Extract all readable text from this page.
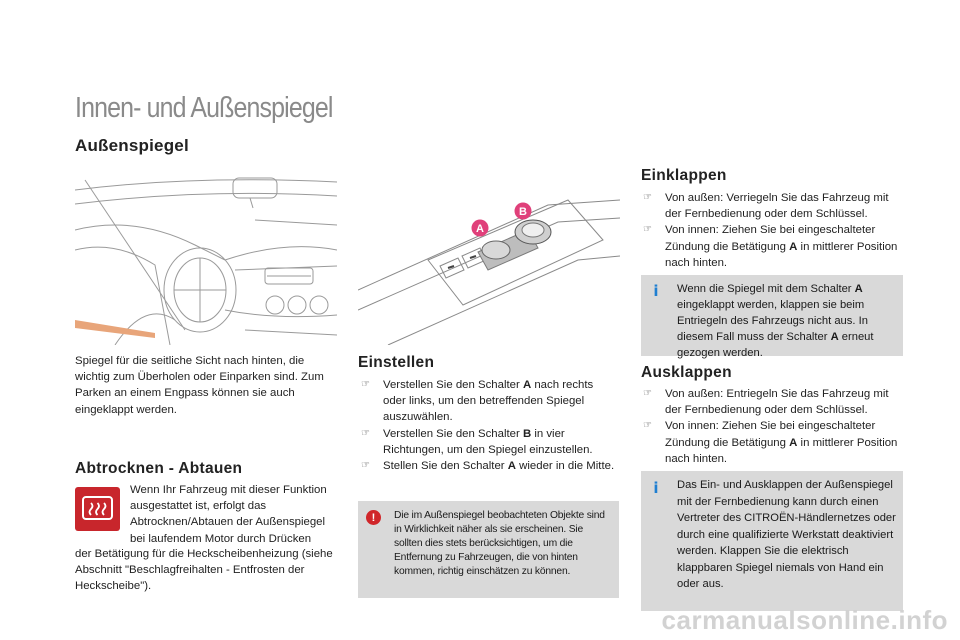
Innen- und Außenspiegel
Außenspiegel
Spiegel für die seitliche Sicht nach hinten, die wichtig zum Überholen oder Einparken sind. Zum Parken an einem Engpass können sie auch eingeklappt werden.
Abtrocknen - Abtauen
Wenn Ihr Fahrzeug mit dieser Funktion ausgestattet ist, erfolgt das Abtrocknen/Abtauen der Außenspiegel bei laufendem Motor durch Drücken
der Betätigung für die Heckscheibenheizung (siehe Abschnitt "Beschlagfreihalten - Entfrosten der Heckscheibe").
A
B
Einstellen
☞ Verstellen Sie den Schalter A nach rechts oder links, um den betreffenden Spiegel auszuwählen.
☞ Verstellen Sie den Schalter B in vier Richtungen, um den Spiegel einzustellen.
☞ Stellen Sie den Schalter A wieder in die Mitte.
!	Die im Außenspiegel beobachteten Objekte sind in Wirklichkeit näher als sie erscheinen. Sie sollten dies stets berücksichtigen, um die Entfernung zu Fahrzeugen, die von hinten kommen, richtig einschätzen zu können.
Einklappen
☞ Von außen: Verriegeln Sie das Fahrzeug mit der Fernbedienung oder dem Schlüssel.
☞ Von innen: Ziehen Sie bei eingeschalteter Zündung die Betätigung A in mittlerer Position nach hinten.
i	Wenn die Spiegel mit dem Schalter A eingeklappt werden, klappen sie beim Entriegeln des Fahrzeugs nicht aus. In diesem Fall muss der Schalter A erneut gezogen werden.
Ausklappen
☞ Von außen: Entriegeln Sie das Fahrzeug mit der Fernbedienung oder dem Schlüssel.
☞ Von innen: Ziehen Sie bei eingeschalteter Zündung die Betätigung A in mittlerer Position nach hinten.
i	Das Ein- und Ausklappen der Außenspiegel mit der Fernbedienung kann durch einen Vertreter des CITROËN-Händlernetzes oder durch eine qualifizierte Werkstatt deaktiviert werden. Klappen Sie die elektrisch klappbaren Spiegel niemals von Hand ein oder aus.
carmanualsonline.info
